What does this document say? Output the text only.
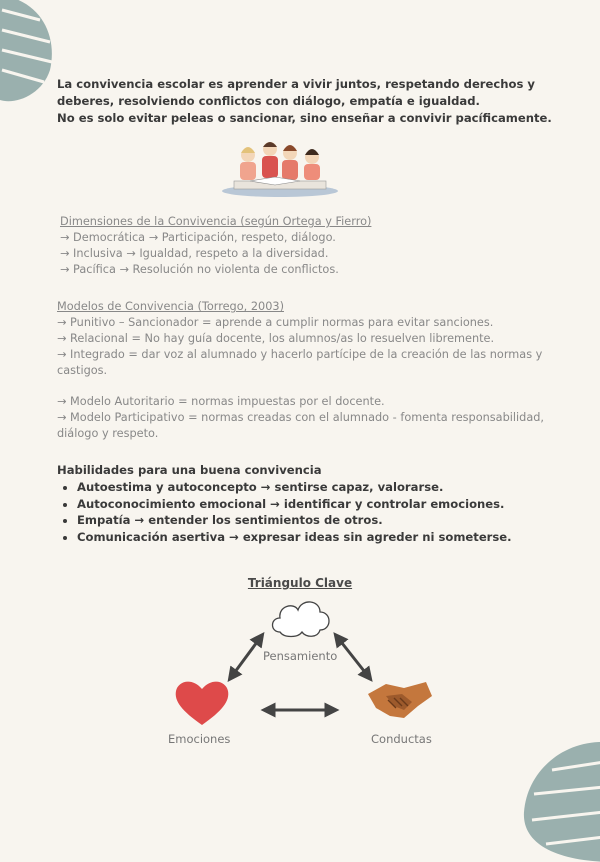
La convivencia escolar es aprender a vivir juntos, respetando derechos y deberes, resolviendo conflictos con diálogo, empatía e igualdad.

No es solo evitar peleas o sancionar, sino enseñar a convivir pacíficamente.

Dimensiones de la Convivencia (según Ortega y Fierro)
→ Democrática → Participación, respeto, diálogo.
→ Inclusiva → Igualdad, respeto a la diversidad.
→ Pacífica → Resolución no violenta de conflictos.
Modelos de Convivencia (Torrego, 2003)
→ Punitivo – Sancionador = aprende a cumplir normas para evitar sanciones.
→ Relacional = No hay guía docente, los alumnos/as lo resuelven libremente.
→ Integrado = dar voz al alumnado y hacerlo partícipe de la creación de las normas y castigos.
→ Modelo Autoritario = normas impuestas por el docente.
→ Modelo Participativo = normas creadas con el alumnado - fomenta responsabilidad, diálogo y respeto.
Habilidades para una buena convivencia
• Autoestima y autoconcepto → sentirse capaz, valorarse.
• Autoconocimiento emocional → identificar y controlar emociones.
• Empatía → entender los sentimientos de otros.
• Comunicación asertiva → expresar ideas sin agreder ni someterse.
Triángulo Clave
Pensamiento
Emociones	Conductas
